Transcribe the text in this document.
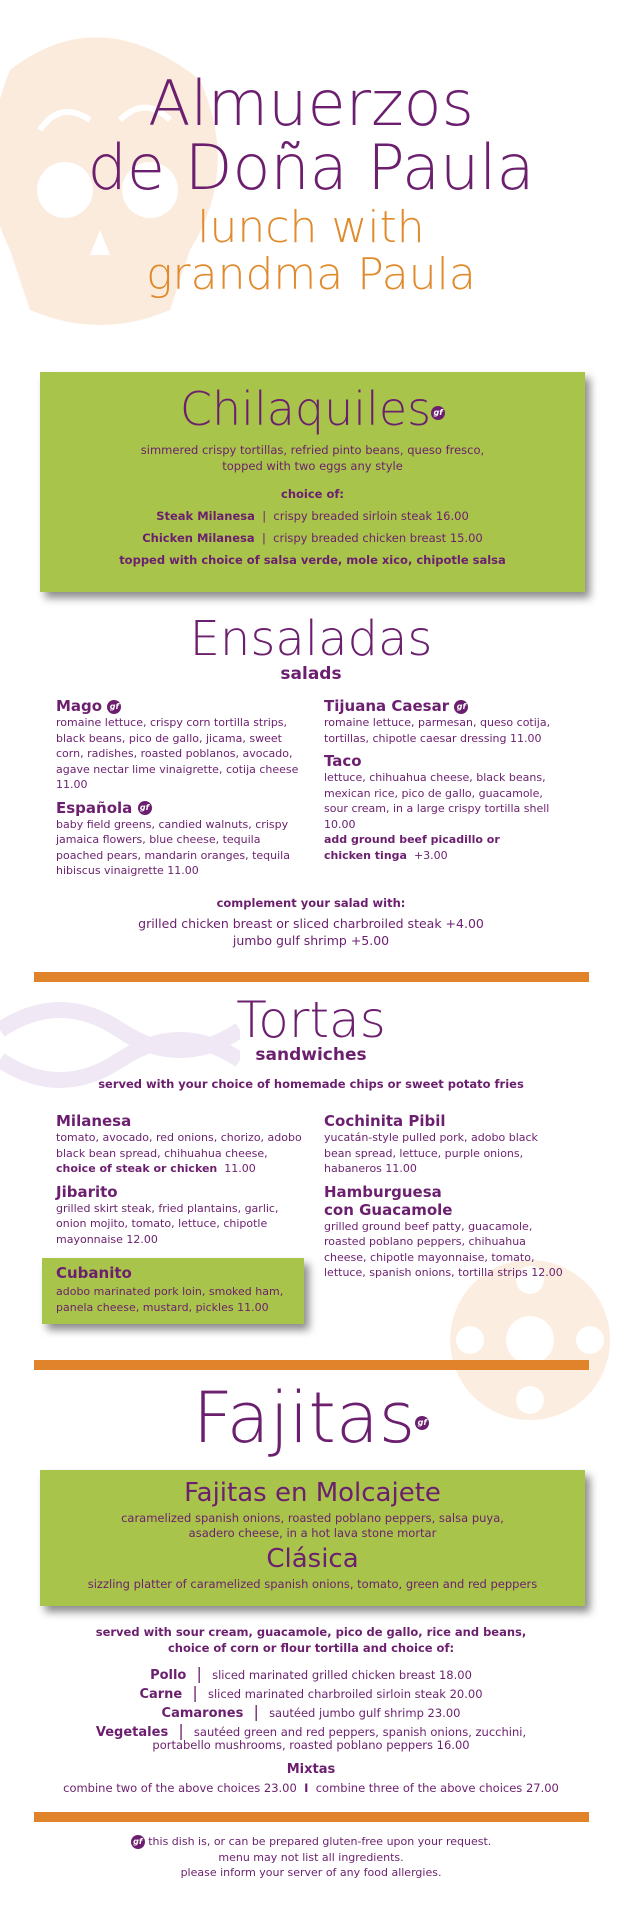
Almuerzos
de Doña Paula
lunch with
grandma Paula
Chilaquiles gf
simmered crispy tortillas, refried pinto beans, queso fresco,
topped with two eggs any style
choice of:
Steak Milanesa  |  crispy breaded sirloin steak 16.00
Chicken Milanesa  |  crispy breaded chicken breast 15.00
topped with choice of salsa verde, mole xico, chipotle salsa
Ensaladas
salads
Mago gf
romaine lettuce, crispy corn tortilla strips, black beans, pico de gallo, jicama, sweet corn, radishes, roasted poblanos, avocado, agave nectar lime vinaigrette, cotija cheese 11.00
Española gf
baby field greens, candied walnuts, crispy jamaica flowers, blue cheese, tequila poached pears, mandarin oranges, tequila hibiscus vinaigrette 11.00
Tijuana Caesar gf
romaine lettuce, parmesan, queso cotija, tortillas, chipotle caesar dressing 11.00
Taco
lettuce, chihuahua cheese, black beans, mexican rice, pico de gallo, guacamole, sour cream, in a large crispy tortilla shell 10.00
add ground beef picadillo or
chicken tinga +3.00
complement your salad with:
grilled chicken breast or sliced charbroiled steak +4.00
jumbo gulf shrimp +5.00
Tortas
sandwiches
served with your choice of homemade chips or sweet potato fries
Milanesa
tomato, avocado, red onions, chorizo, adobo black bean spread, chihuahua cheese, choice of steak or chicken 11.00
Jibarito
grilled skirt steak, fried plantains, garlic, onion mojito, tomato, lettuce, chipotle mayonnaise 12.00
Cubanito
adobo marinated pork loin, smoked ham, panela cheese, mustard, pickles 11.00
Cochinita Pibil
yucatán-style pulled pork, adobo black bean spread, lettuce, purple onions, habaneros 11.00
Hamburguesa
con Guacamole
grilled ground beef patty, guacamole, roasted poblano peppers, chihuahua cheese, chipotle mayonnaise, tomato, lettuce, spanish onions, tortilla strips 12.00
Fajitas gf
Fajitas en Molcajete
caramelized spanish onions, roasted poblano peppers, salsa puya,
asadero cheese, in a hot lava stone mortar
Clásica
sizzling platter of caramelized spanish onions, tomato, green and red peppers
served with sour cream, guacamole, pico de gallo, rice and beans,
choice of corn or flour tortilla and choice of:
Pollo  |  sliced marinated grilled chicken breast 18.00
Carne  |  sliced marinated charbroiled sirloin steak 20.00
Camarones  |  sautéed jumbo gulf shrimp 23.00
Vegetales  |  sautéed green and red peppers, spanish onions, zucchini,
portabello mushrooms, roasted poblano peppers 16.00
Mixtas
combine two of the above choices 23.00 I combine three of the above choices 27.00
gf this dish is, or can be prepared gluten-free upon your request.
menu may not list all ingredients.
please inform your server of any food allergies.
